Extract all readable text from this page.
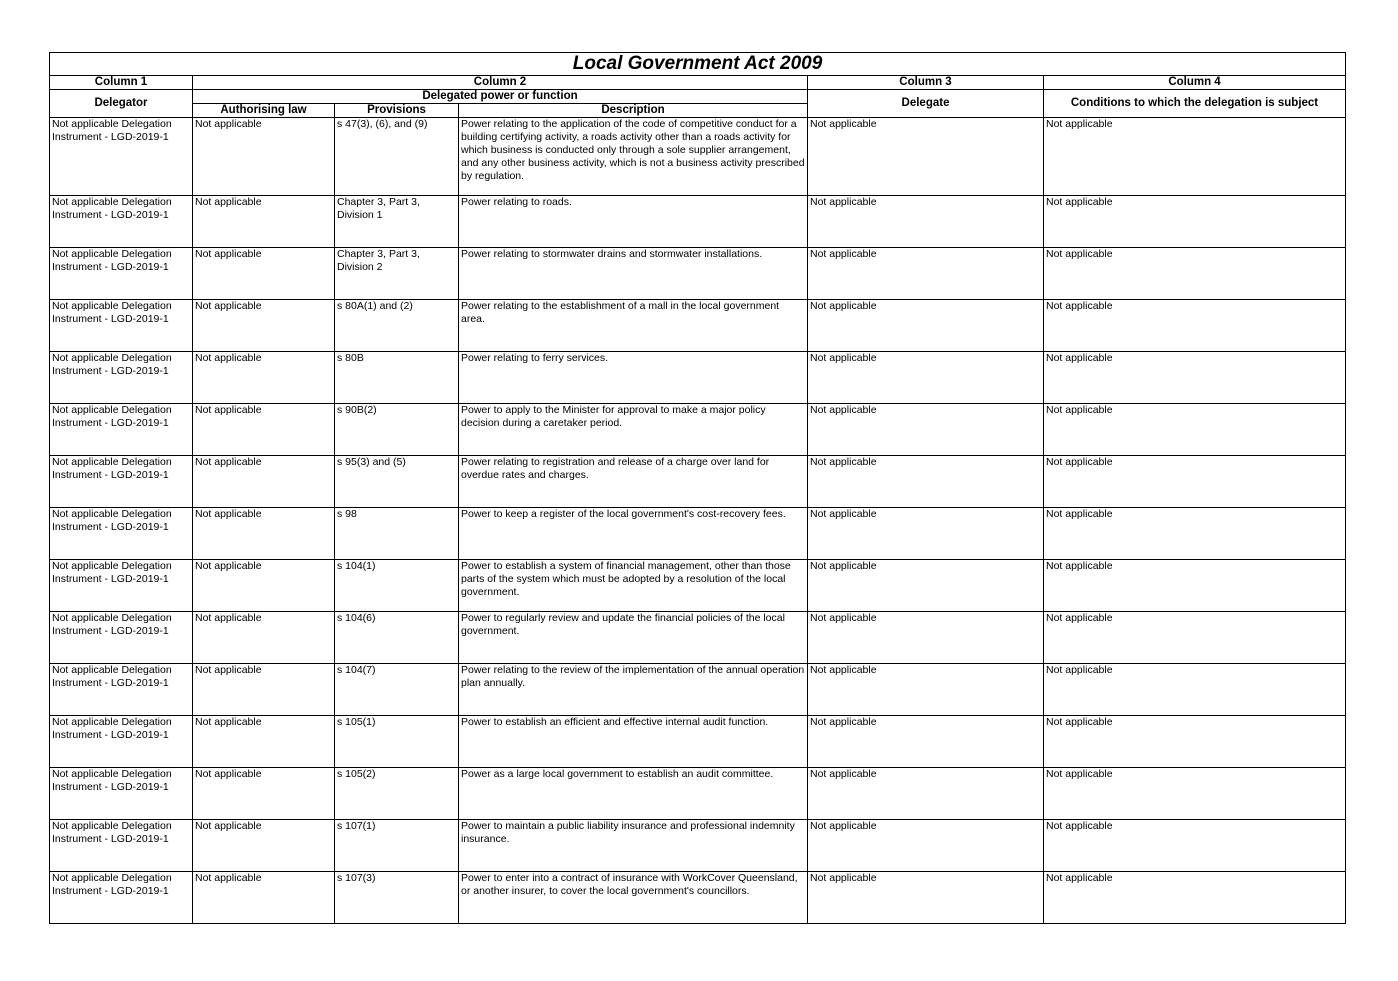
Local Government Act 2009					
Column 1	Column 2			Column 3	Column 4
Delegator	Delegated power or function			Delegate	Conditions to which the delegation is subject
	Authorising law	Provisions	Description		
Not applicable Delegation Instrument - LGD-2019-1	Not applicable	s 47(3), (6), and (9)	Power relating to the application of the code of competitive conduct for a building certifying activity, a roads activity other than a roads activity for which business is conducted only through a sole supplier arrangement, and any other business activity, which is not a business activity prescribed by regulation.	Not applicable	Not applicable
Not applicable Delegation Instrument - LGD-2019-1	Not applicable	Chapter 3, Part 3, Division 1	Power relating to roads.	Not applicable	Not applicable
Not applicable Delegation Instrument - LGD-2019-1	Not applicable	Chapter 3, Part 3, Division 2	Power relating to stormwater drains and stormwater installations.	Not applicable	Not applicable
Not applicable Delegation Instrument - LGD-2019-1	Not applicable	s 80A(1) and (2)	Power relating to the establishment of a mall in the local government area.	Not applicable	Not applicable
Not applicable Delegation Instrument - LGD-2019-1	Not applicable	s 80B	Power relating to ferry services.	Not applicable	Not applicable
Not applicable Delegation Instrument - LGD-2019-1	Not applicable	s 90B(2)	Power to apply to the Minister for approval to make a major policy decision during a caretaker period.	Not applicable	Not applicable
Not applicable Delegation Instrument - LGD-2019-1	Not applicable	s 95(3) and (5)	Power relating to registration and release of a charge over land for overdue rates and charges.	Not applicable	Not applicable
Not applicable Delegation Instrument - LGD-2019-1	Not applicable	s 98	Power to keep a register of the local government's cost-recovery fees.	Not applicable	Not applicable
Not applicable Delegation Instrument - LGD-2019-1	Not applicable	s 104(1)	Power to establish a system of financial management, other than those parts of the system which must be adopted by a resolution of the local government.	Not applicable	Not applicable
Not applicable Delegation Instrument - LGD-2019-1	Not applicable	s 104(6)	Power to regularly review and update the financial policies of the local government.	Not applicable	Not applicable
Not applicable Delegation Instrument - LGD-2019-1	Not applicable	s 104(7)	Power relating to the review of the implementation of the annual operation plan annually.	Not applicable	Not applicable
Not applicable Delegation Instrument - LGD-2019-1	Not applicable	s 105(1)	Power to establish an efficient and effective internal audit function.	Not applicable	Not applicable
Not applicable Delegation Instrument - LGD-2019-1	Not applicable	s 105(2)	Power as a large local government to establish an audit committee.	Not applicable	Not applicable
Not applicable Delegation Instrument - LGD-2019-1	Not applicable	s 107(1)	Power to maintain a public liability insurance and professional indemnity insurance.	Not applicable	Not applicable
Not applicable Delegation Instrument - LGD-2019-1	Not applicable	s 107(3)	Power to enter into a contract of insurance with WorkCover Queensland, or another insurer, to cover the local government's councillors.	Not applicable	Not applicable
